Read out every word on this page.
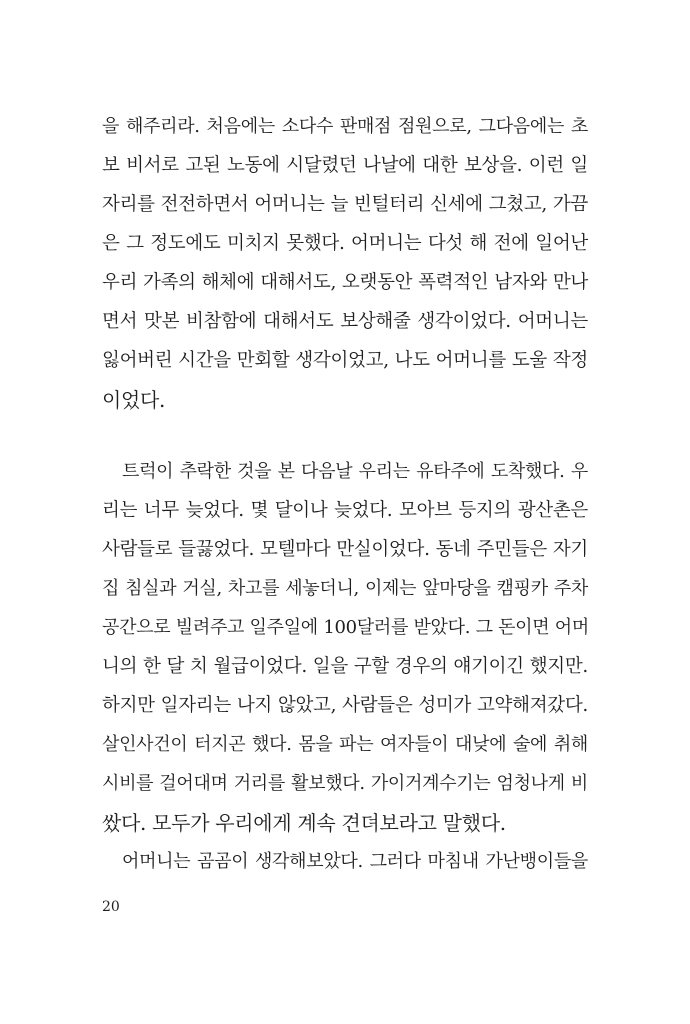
을 해주리라. 처음에는 소다수 판매점 점원으로, 그다음에는 초
보 비서로 고된 노동에 시달렸던 나날에 대한 보상을. 이런 일
자리를 전전하면서 어머니는 늘 빈털터리 신세에 그쳤고, 가끔
은 그 정도에도 미치지 못했다. 어머니는 다섯 해 전에 일어난
우리 가족의 해체에 대해서도, 오랫동안 폭력적인 남자와 만나
면서 맛본 비참함에 대해서도 보상해줄 생각이었다. 어머니는
잃어버린 시간을 만회할 생각이었고, 나도 어머니를 도울 작정
이었다.
트럭이 추락한 것을 본 다음날 우리는 유타주에 도착했다. 우
리는 너무 늦었다. 몇 달이나 늦었다. 모아브 등지의 광산촌은
사람들로 들끓었다. 모텔마다 만실이었다. 동네 주민들은 자기
집 침실과 거실, 차고를 세놓더니, 이제는 앞마당을 캠핑카 주차
공간으로 빌려주고 일주일에 100달러를 받았다. 그 돈이면 어머
니의 한 달 치 월급이었다. 일을 구할 경우의 얘기이긴 했지만.
하지만 일자리는 나지 않았고, 사람들은 성미가 고약해져갔다.
살인사건이 터지곤 했다. 몸을 파는 여자들이 대낮에 술에 취해
시비를 걸어대며 거리를 활보했다. 가이거계수기는 엄청나게 비
쌌다. 모두가 우리에게 계속 견뎌보라고 말했다.
어머니는 곰곰이 생각해보았다. 그러다 마침내 가난뱅이들을
20
